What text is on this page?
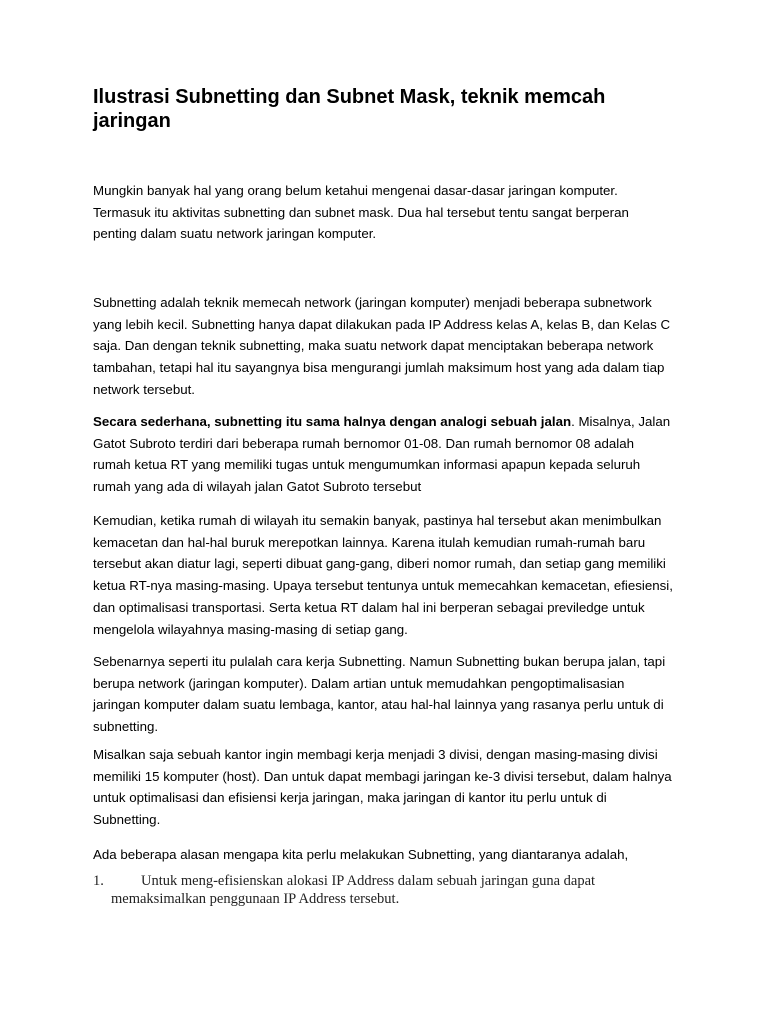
Ilustrasi Subnetting dan Subnet Mask, teknik memcah jaringan

Mungkin banyak hal yang orang belum ketahui mengenai dasar-dasar jaringan komputer. Termasuk itu aktivitas subnetting dan subnet mask. Dua hal tersebut tentu sangat berperan penting dalam suatu network jaringan komputer.

Subnetting adalah teknik memecah network (jaringan komputer) menjadi beberapa subnetwork yang lebih kecil. Subnetting hanya dapat dilakukan pada IP Address kelas A, kelas B, dan Kelas C saja. Dan dengan teknik subnetting, maka suatu network dapat menciptakan beberapa network tambahan, tetapi hal itu sayangnya bisa mengurangi jumlah maksimum host yang ada dalam tiap network tersebut.

Secara sederhana, subnetting itu sama halnya dengan analogi sebuah jalan. Misalnya, Jalan Gatot Subroto terdiri dari beberapa rumah bernomor 01-08. Dan rumah bernomor 08 adalah rumah ketua RT yang memiliki tugas untuk mengumumkan informasi apapun kepada seluruh rumah yang ada di wilayah jalan Gatot Subroto tersebut

Kemudian, ketika rumah di wilayah itu semakin banyak, pastinya hal tersebut akan menimbulkan kemacetan dan hal-hal buruk merepotkan lainnya. Karena itulah kemudian rumah-rumah baru tersebut akan diatur lagi, seperti dibuat gang-gang, diberi nomor rumah, dan setiap gang memiliki ketua RT-nya masing-masing. Upaya tersebut tentunya untuk memecahkan kemacetan, efiesiensi, dan optimalisasi transportasi. Serta ketua RT dalam hal ini berperan sebagai previledge untuk mengelola wilayahnya masing-masing di setiap gang.

Sebenarnya seperti itu pulalah cara kerja Subnetting. Namun Subnetting bukan berupa jalan, tapi berupa network (jaringan komputer). Dalam artian untuk memudahkan pengoptimalisasian jaringan komputer dalam suatu lembaga, kantor, atau hal-hal lainnya yang rasanya perlu untuk di subnetting.

Misalkan saja sebuah kantor ingin membagi kerja menjadi 3 divisi, dengan masing-masing divisi memiliki 15 komputer (host). Dan untuk dapat membagi jaringan ke-3 divisi tersebut, dalam halnya untuk optimalisasi dan efisiensi kerja jaringan, maka jaringan di kantor itu perlu untuk di Subnetting.

Ada beberapa alasan mengapa kita perlu melakukan Subnetting, yang diantaranya adalah,

1.	Untuk meng-efisienskan alokasi IP Address dalam sebuah jaringan guna dapat
memaksimalkan penggunaan IP Address tersebut.
